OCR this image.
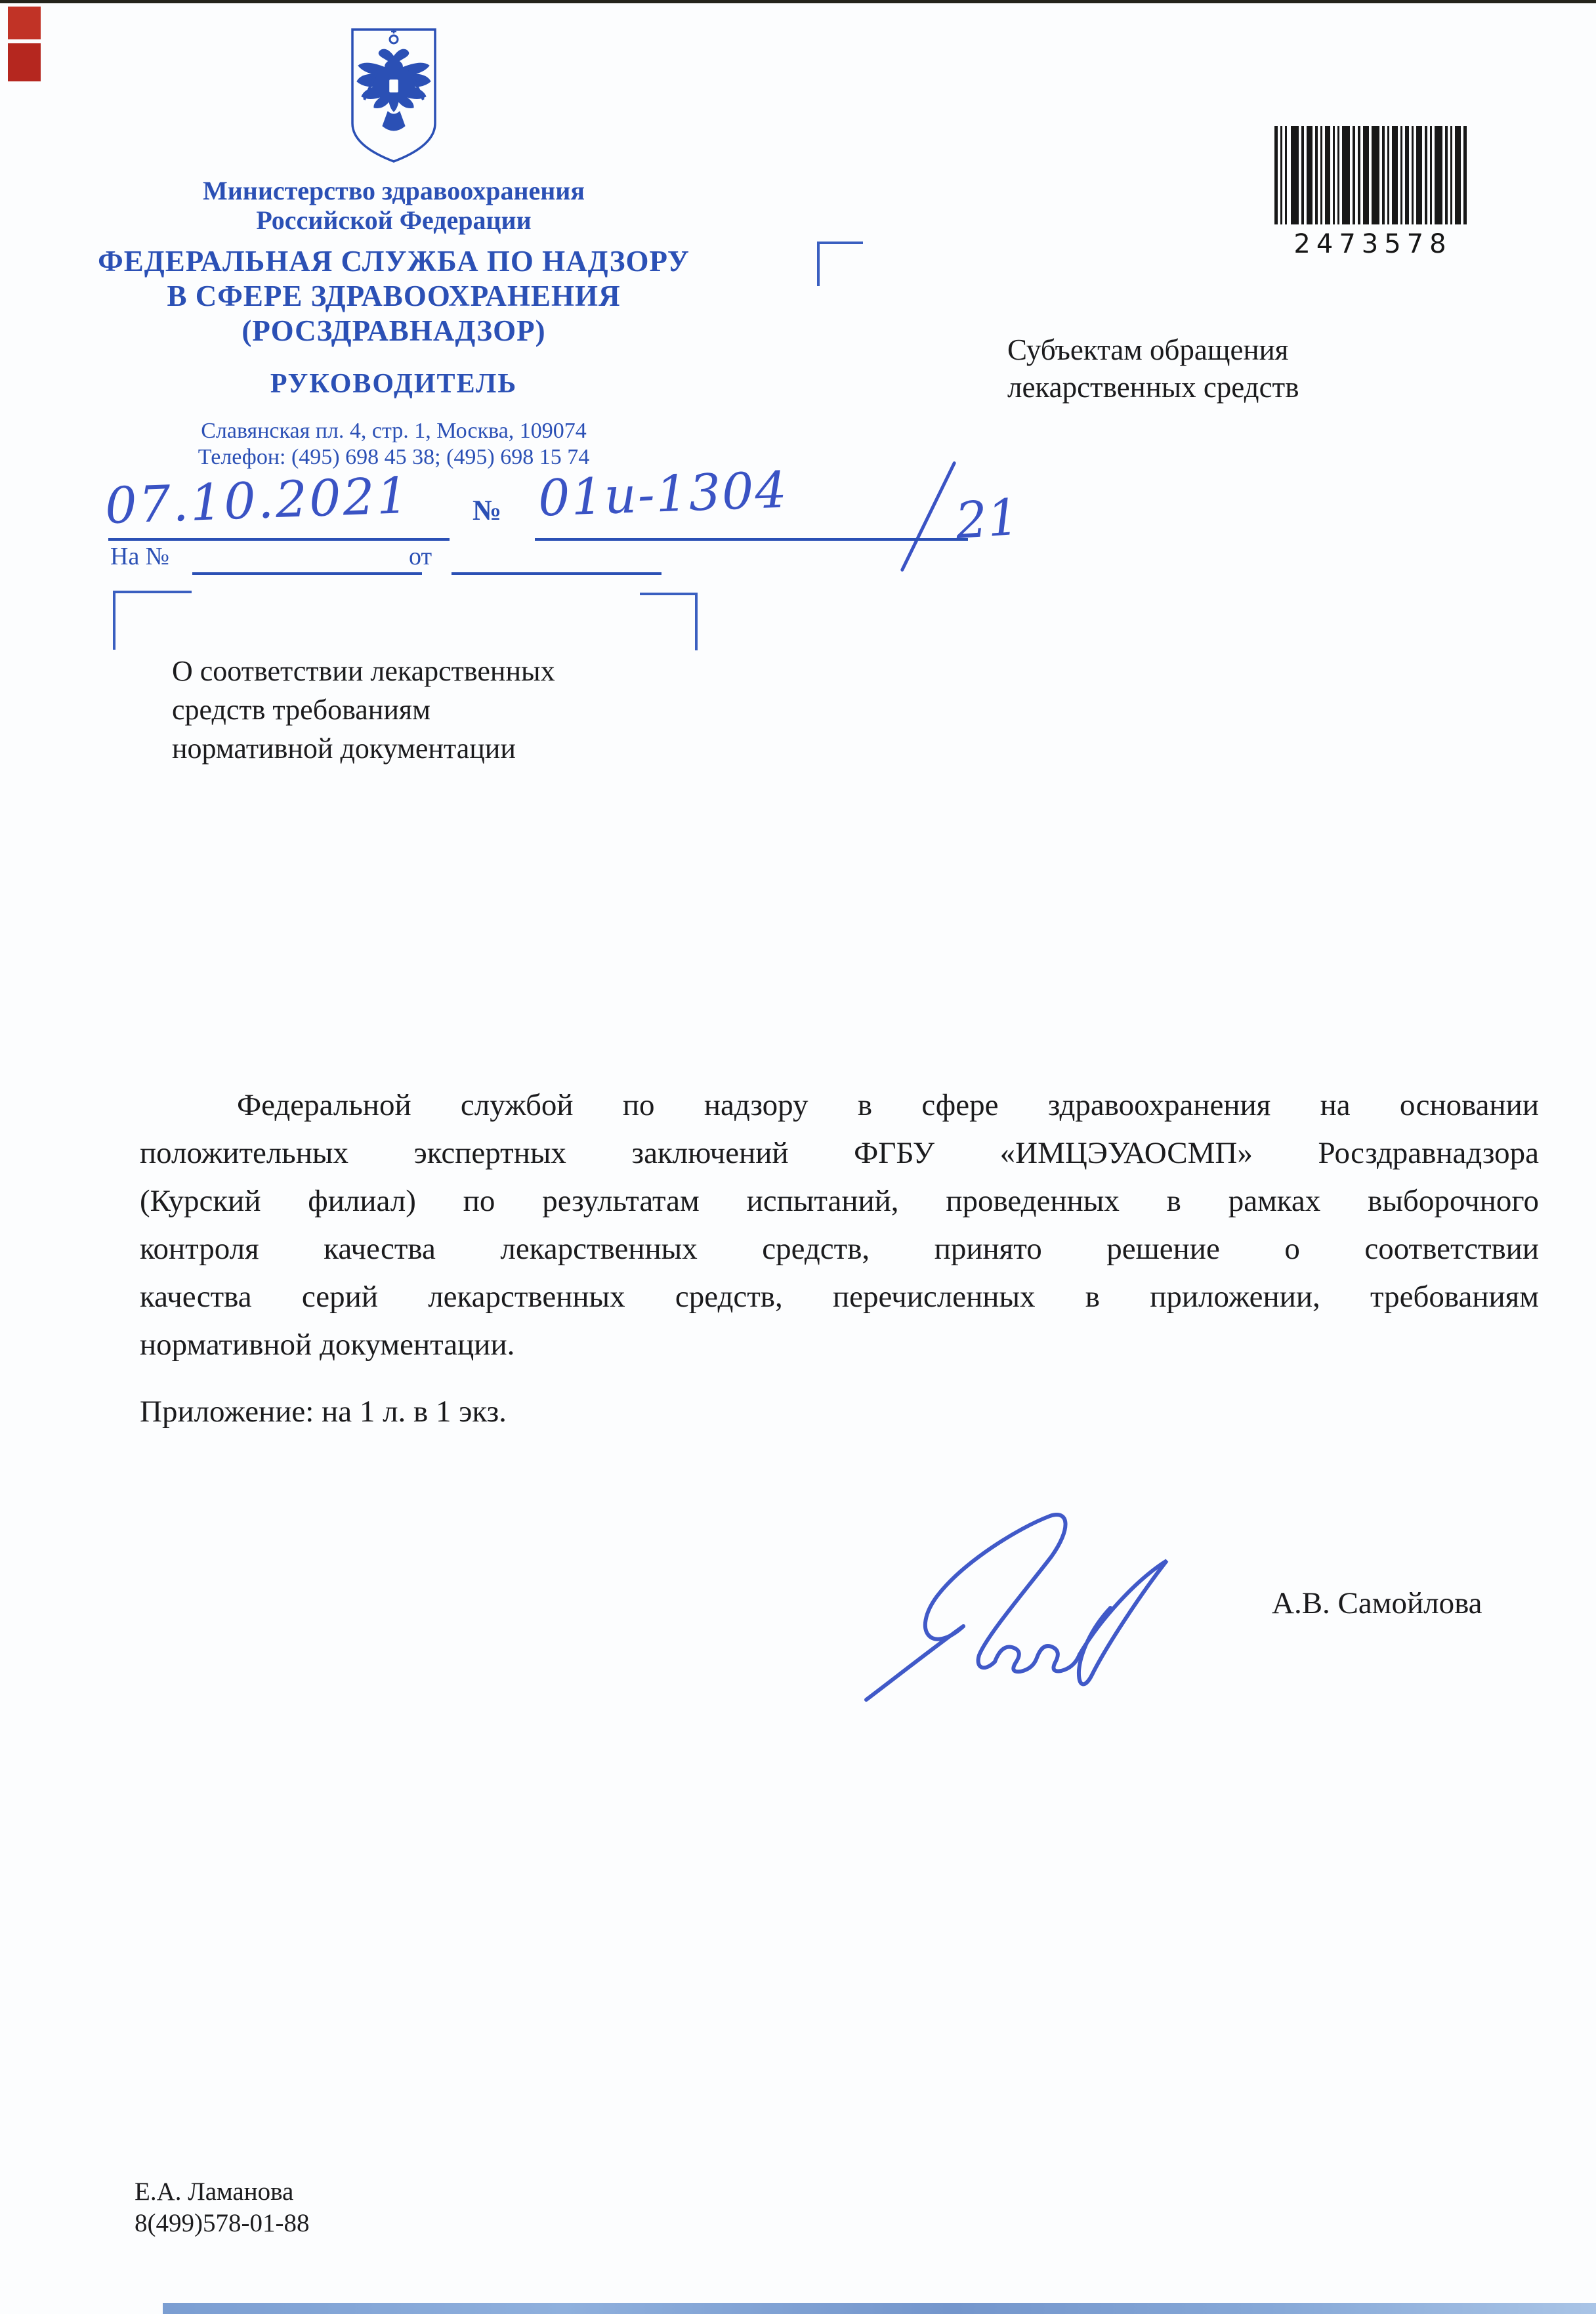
Министерство здравоохранения
Российской Федерации
ФЕДЕРАЛЬНАЯ СЛУЖБА ПО НАДЗОРУ
В СФЕРЕ ЗДРАВООХРАНЕНИЯ
(РОСЗДРАВНАДЗОР)
РУКОВОДИТЕЛЬ
Славянская пл. 4, стр. 1, Москва, 109074
Телефон: (495) 698 45 38; (495) 698 15 74
2473578
Субъектам обращения
лекарственных средств
07.10.2021 № 01и-1304	21
На №	от
О соответствии лекарственных
средств требованиям
нормативной документации
Федеральной службой по надзору в сфере здравоохранения на основании
положительных экспертных заключений ФГБУ «ИМЦЭУАОСМП» Росздравнадзора
(Курский филиал) по результатам испытаний, проведенных в рамках выборочного
контроля качества лекарственных средств, принято решение о соответствии
качества серий лекарственных средств, перечисленных в приложении, требованиям
нормативной документации.
Приложение: на 1 л. в 1 экз.
А.В. Самойлова
Е.А. Ламанова
8(499)578-01-88
